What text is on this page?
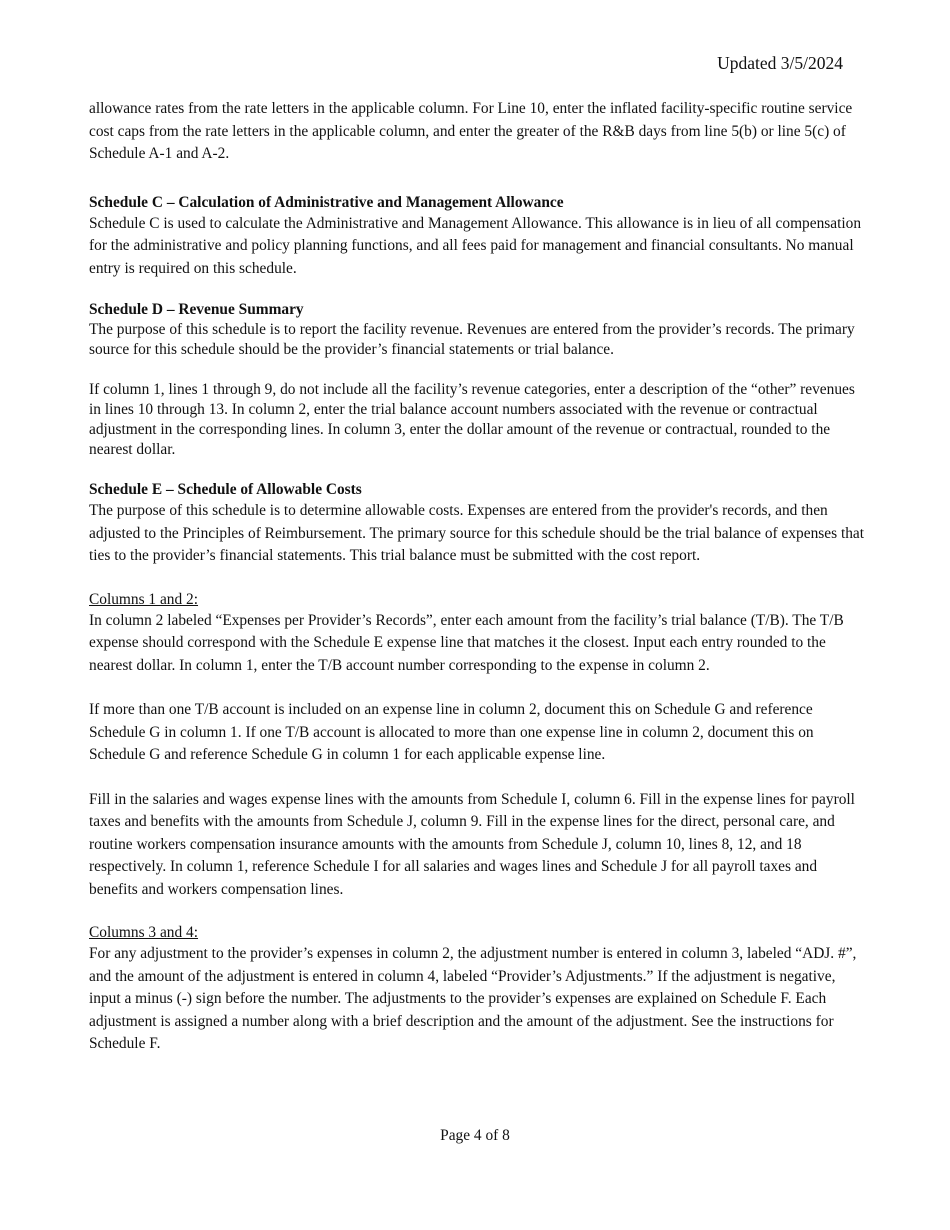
Updated 3/5/2024

allowance rates from the rate letters in the applicable column. For Line 10, enter the inflated facility-specific routine service cost caps from the rate letters in the applicable column, and enter the greater of the R&B days from line 5(b) or line 5(c) of Schedule A-1 and A-2.

Schedule C – Calculation of Administrative and Management Allowance

Schedule C is used to calculate the Administrative and Management Allowance. This allowance is in lieu of all compensation for the administrative and policy planning functions, and all fees paid for management and financial consultants. No manual entry is required on this schedule.

Schedule D – Revenue Summary

The purpose of this schedule is to report the facility revenue. Revenues are entered from the provider’s records. The primary source for this schedule should be the provider’s financial statements or trial balance.

If column 1, lines 1 through 9, do not include all the facility’s revenue categories, enter a description of the “other” revenues in lines 10 through 13. In column 2, enter the trial balance account numbers associated with the revenue or contractual adjustment in the corresponding lines. In column 3, enter the dollar amount of the revenue or contractual, rounded to the nearest dollar.

Schedule E – Schedule of Allowable Costs

The purpose of this schedule is to determine allowable costs. Expenses are entered from the provider's records, and then adjusted to the Principles of Reimbursement. The primary source for this schedule should be the trial balance of expenses that ties to the provider’s financial statements. This trial balance must be submitted with the cost report.

Columns 1 and 2:

In column 2 labeled “Expenses per Provider’s Records”, enter each amount from the facility’s trial balance (T/B). The T/B expense should correspond with the Schedule E expense line that matches it the closest. Input each entry rounded to the nearest dollar. In column 1, enter the T/B account number corresponding to the expense in column 2.

If more than one T/B account is included on an expense line in column 2, document this on Schedule G and reference Schedule G in column 1. If one T/B account is allocated to more than one expense line in column 2, document this on Schedule G and reference Schedule G in column 1 for each applicable expense line.

Fill in the salaries and wages expense lines with the amounts from Schedule I, column 6. Fill in the expense lines for payroll taxes and benefits with the amounts from Schedule J, column 9. Fill in the expense lines for the direct, personal care, and routine workers compensation insurance amounts with the amounts from Schedule J, column 10, lines 8, 12, and 18 respectively. In column 1, reference Schedule I for all salaries and wages lines and Schedule J for all payroll taxes and benefits and workers compensation lines.

Columns 3 and 4:

For any adjustment to the provider’s expenses in column 2, the adjustment number is entered in column 3, labeled “ADJ. #”, and the amount of the adjustment is entered in column 4, labeled “Provider’s Adjustments.” If the adjustment is negative, input a minus (-) sign before the number. The adjustments to the provider’s expenses are explained on Schedule F. Each adjustment is assigned a number along with a brief description and the amount of the adjustment. See the instructions for Schedule F.

Page 4 of 8
